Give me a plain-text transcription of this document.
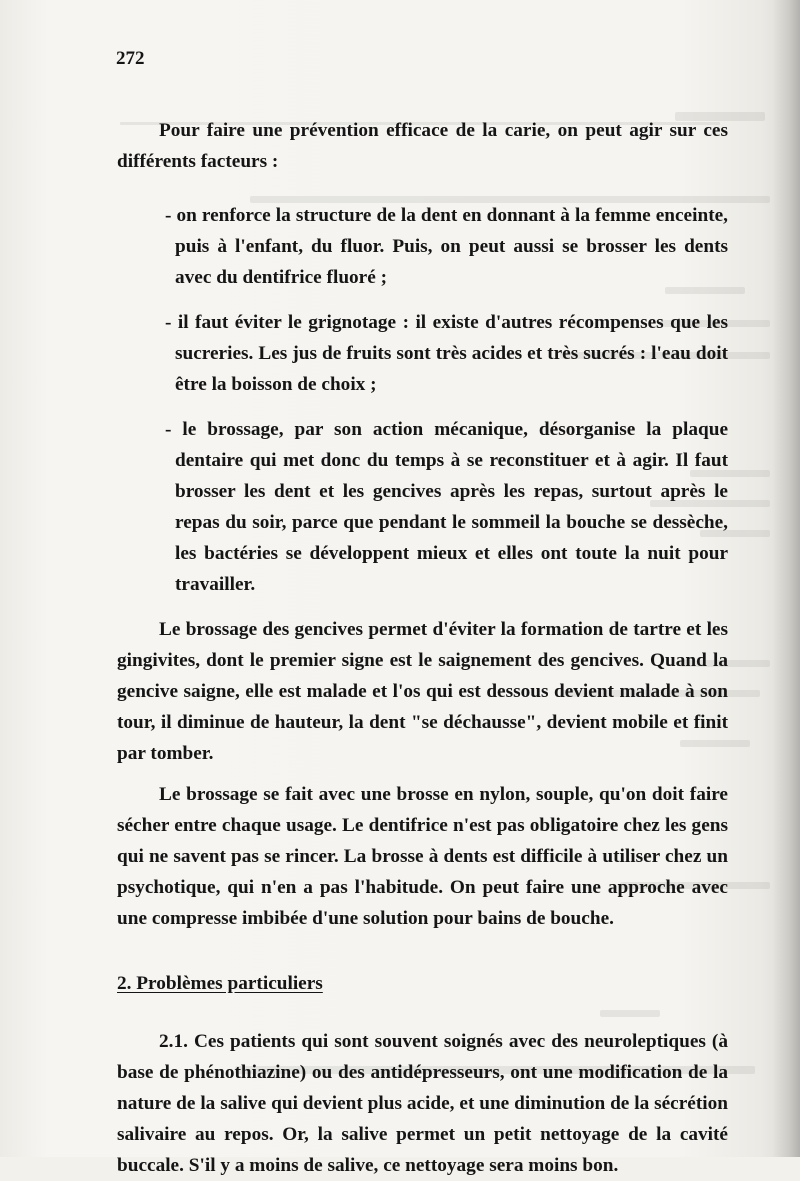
272

Pour faire une prévention efficace de la carie, on peut agir sur ces différents facteurs :

- on renforce la structure de la dent en donnant à la femme enceinte, puis à l'enfant, du fluor. Puis, on peut aussi se brosser les dents avec du dentifrice fluoré ;

- il faut éviter le grignotage : il existe d'autres récompenses que les sucreries. Les jus de fruits sont très acides et très sucrés : l'eau doit être la boisson de choix ;

- le brossage, par son action mécanique, désorganise la plaque dentaire qui met donc du temps à se reconstituer et à agir. Il faut brosser les dent et les gencives après les repas, surtout après le repas du soir, parce que pendant le sommeil la bouche se dessèche, les bactéries se développent mieux et elles ont toute la nuit pour travailler.

Le brossage des gencives permet d'éviter la formation de tartre et les gingivites, dont le premier signe est le saignement des gencives. Quand la gencive saigne, elle est malade et l'os qui est dessous devient malade à son tour, il diminue de hauteur, la dent "se déchausse", devient mobile et finit par tomber.

Le brossage se fait avec une brosse en nylon, souple, qu'on doit faire sécher entre chaque usage. Le dentifrice n'est pas obligatoire chez les gens qui ne savent pas se rincer. La brosse à dents est difficile à utiliser chez un psychotique, qui n'en a pas l'habitude. On peut faire une approche avec une compresse imbibée d'une solution pour bains de bouche.

2. Problèmes particuliers

2.1. Ces patients qui sont souvent soignés avec des neuroleptiques (à base de phénothiazine) ou des antidépresseurs, ont une modification de la nature de la salive qui devient plus acide, et une diminution de la sécrétion salivaire au repos. Or, la salive permet un petit nettoyage de la cavité buccale. S'il y a moins de salive, ce nettoyage sera moins bon.
